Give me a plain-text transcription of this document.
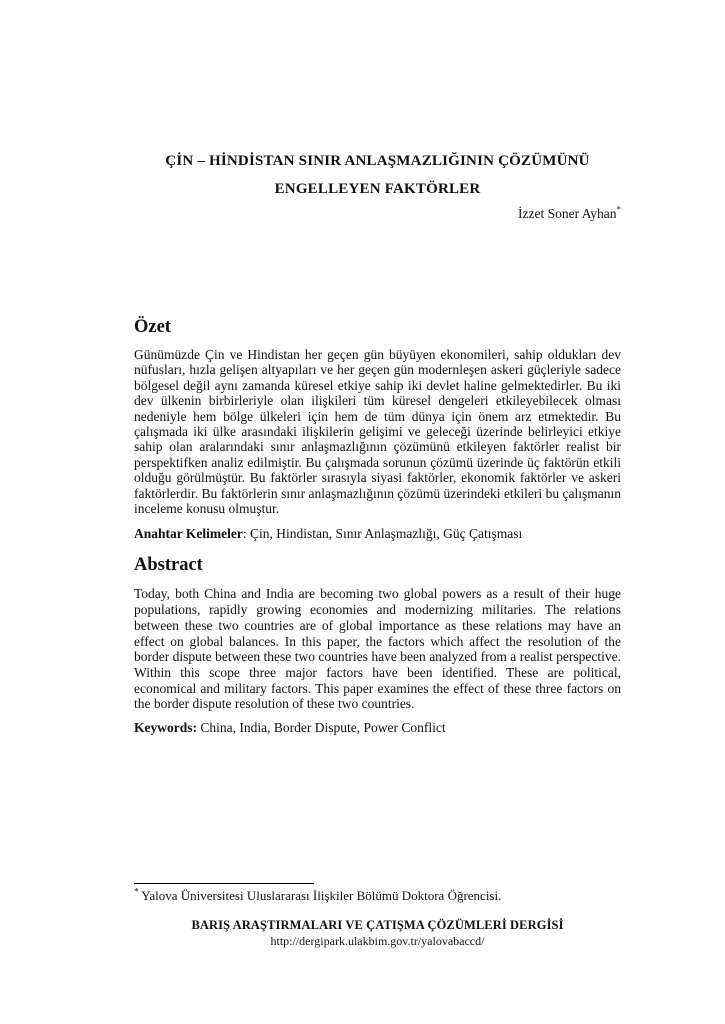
ÇİN – HİNDİSTAN SINIR ANLAŞMAZLIĞININ ÇÖZÜMÜNÜ
ENGELLEYEN FAKTÖRLER
İzzet Soner Ayhan*
Özet
Günümüzde Çin ve Hindistan her geçen gün büyüyen ekonomileri, sahip oldukları dev nüfusları, hızla gelişen altyapıları ve her geçen gün modernleşen askeri güçleriyle sadece bölgesel değil aynı zamanda küresel etkiye sahip iki devlet haline gelmektedirler. Bu iki dev ülkenin birbirleriyle olan ilişkileri tüm küresel dengeleri etkileyebilecek olması nedeniyle hem bölge ülkeleri için hem de tüm dünya için önem arz etmektedir. Bu çalışmada iki ülke arasındaki ilişkilerin gelişimi ve geleceği üzerinde belirleyici etkiye sahip olan aralarındaki sınır anlaşmazlığının çözümünü etkileyen faktörler realist bir perspektifken analiz edilmiştir. Bu çalışmada sorunun çözümü üzerinde üç faktörün etkili olduğu görülmüştür. Bu faktörler sırasıyla siyasi faktörler, ekonomik faktörler ve askeri faktörlerdir. Bu faktörlerin sınır anlaşmazlığının çözümü üzerindeki etkileri bu çalışmanın inceleme konusu olmuştur.
Anahtar Kelimeler: Çin, Hindistan, Sınır Anlaşmazlığı, Güç Çatışması
Abstract
Today, both China and India are becoming two global powers as a result of their huge populations, rapidly growing economies and modernizing militaries. The relations between these two countries are of global importance as these relations may have an effect on global balances. In this paper, the factors which affect the resolution of the border dispute between these two countries have been analyzed from a realist perspective. Within this scope three major factors have been identified. These are political, economical and military factors. This paper examines the effect of these three factors on the border dispute resolution of these two countries.
Keywords: China, India, Border Dispute, Power Conflict
* Yalova Üniversitesi Uluslararası İlişkiler Bölümü Doktora Öğrencisi.
BARIŞ ARAŞTIRMALARI VE ÇATIŞMA ÇÖZÜMLERİ DERGİSİ
http://dergipark.ulakbim.gov.tr/yalovabaccd/
